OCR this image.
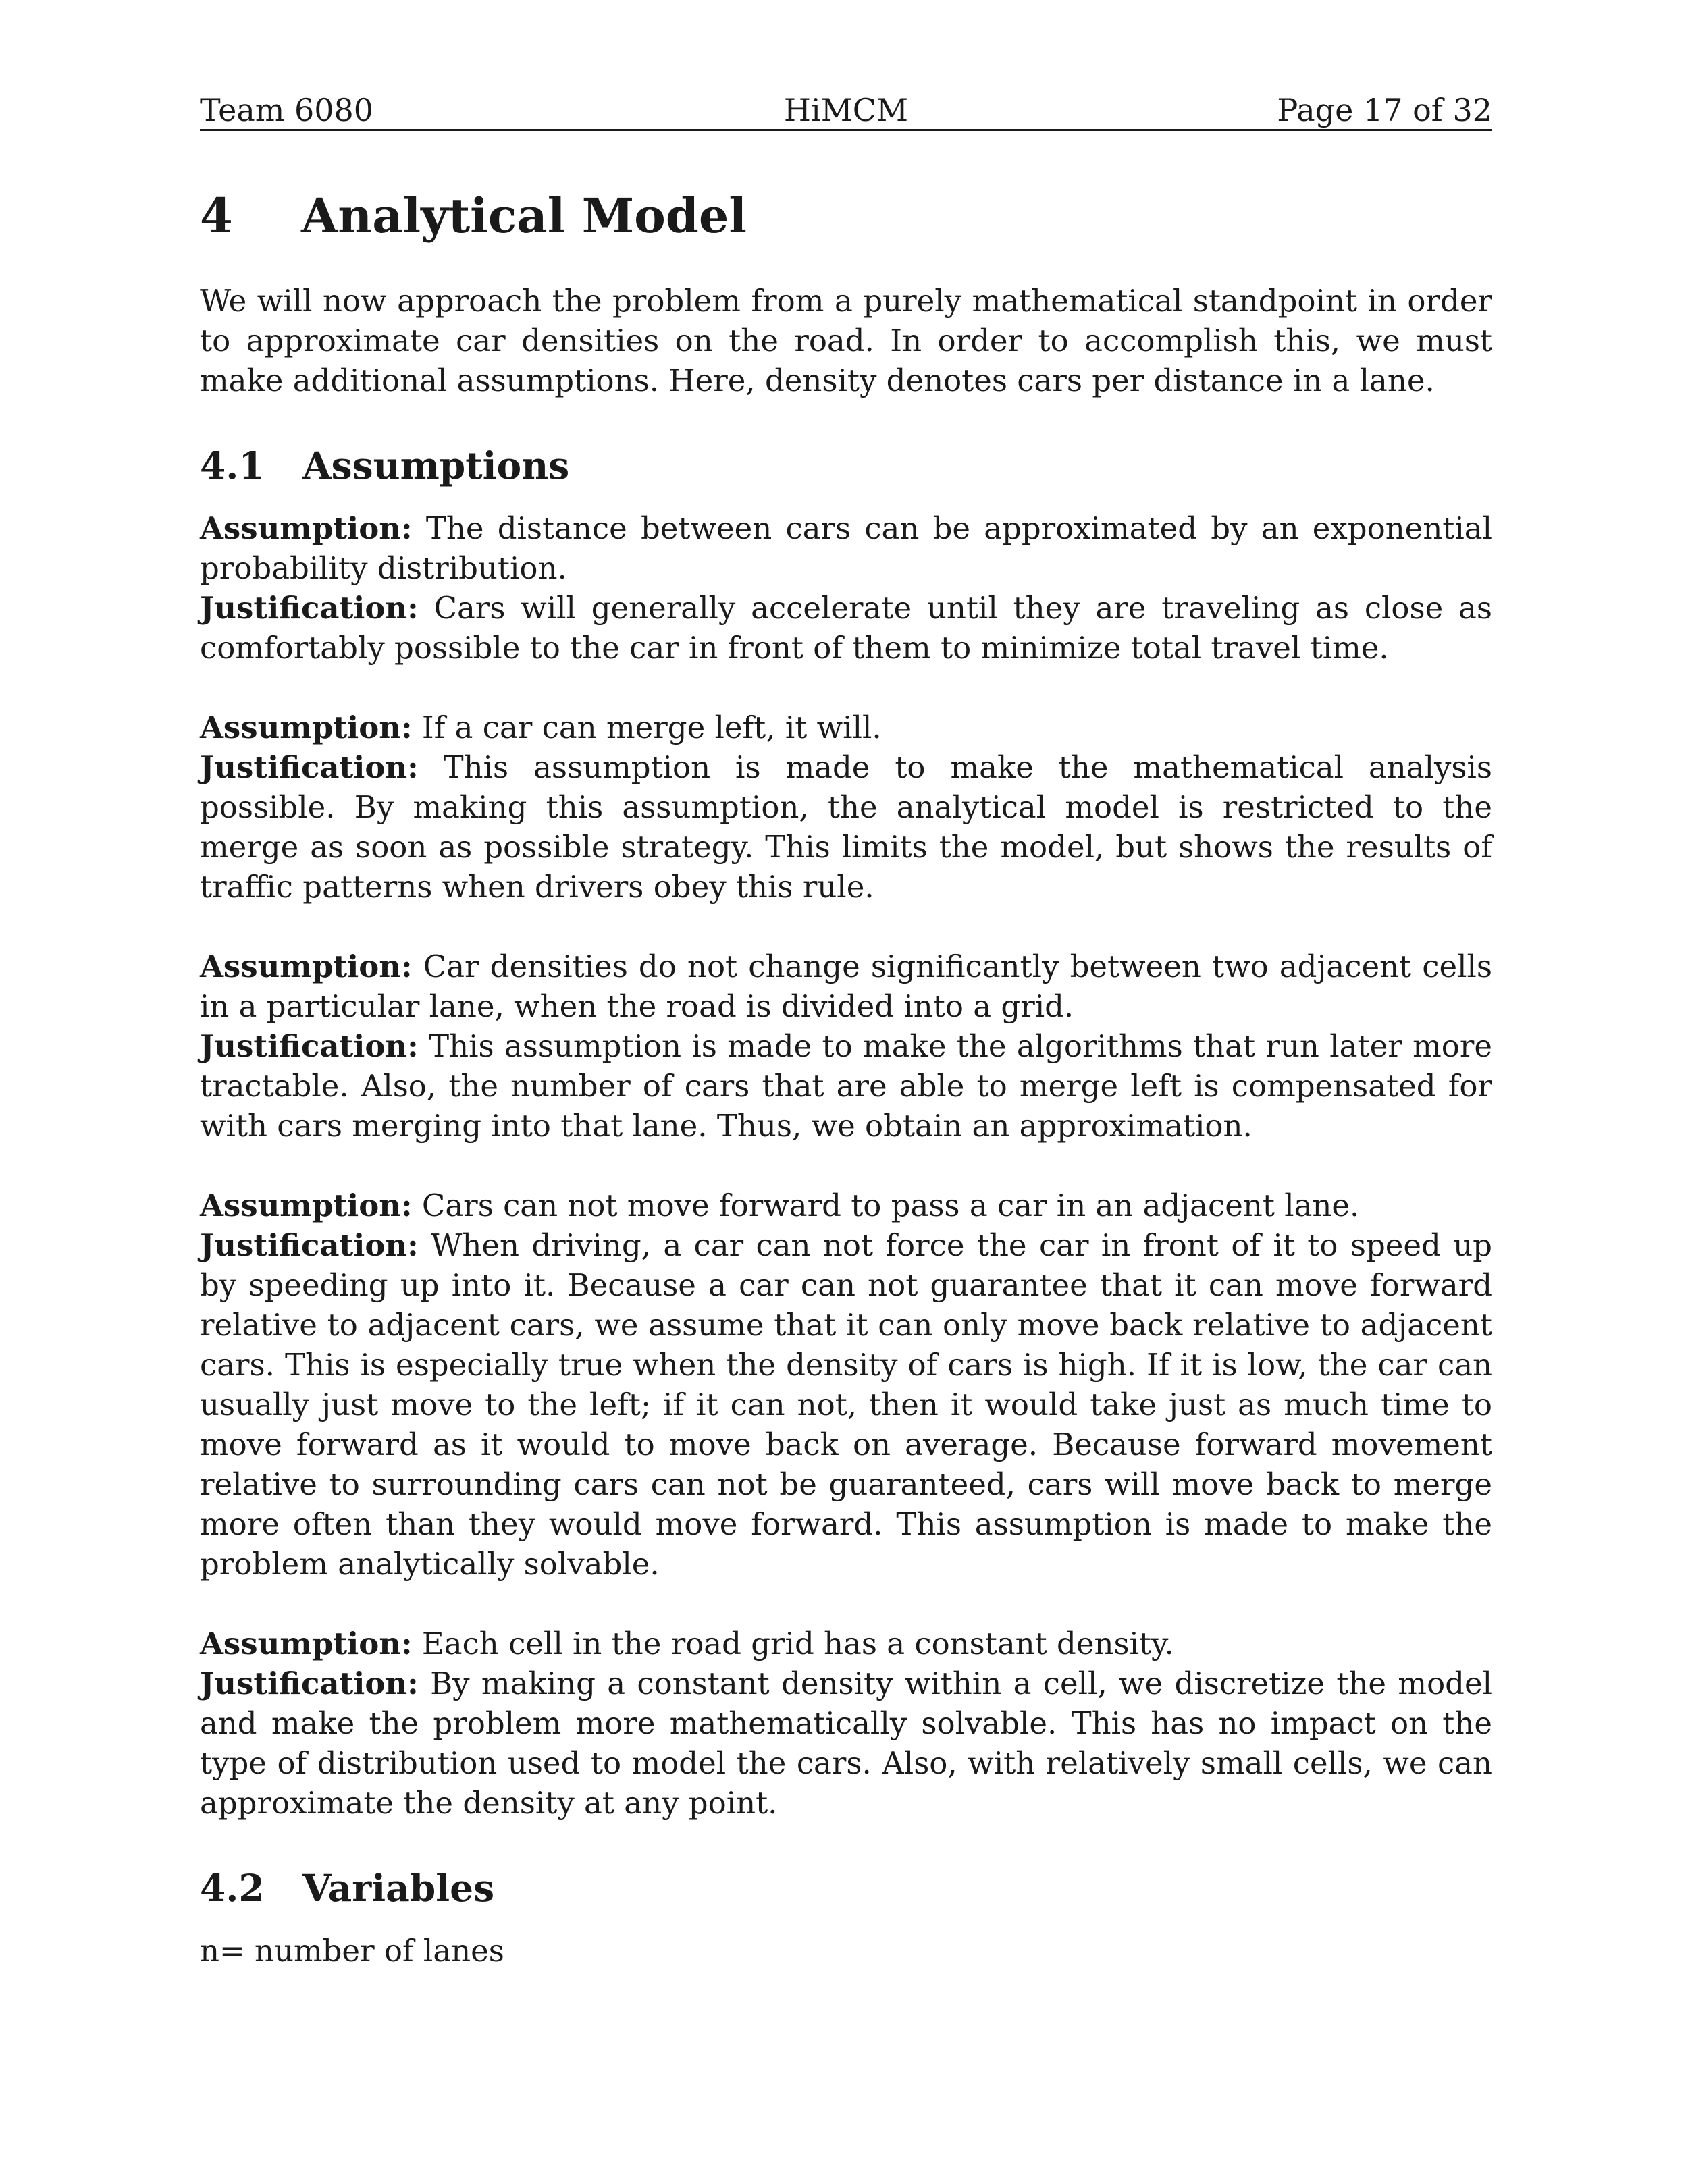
Team 6080	HiMCM	Page 17 of 32
4 Analytical Model

We will now approach the problem from a purely mathematical standpoint in order to approximate car densities on the road. In order to accomplish this, we must make additional assumptions. Here, density denotes cars per distance in a lane.

4.1 Assumptions

Assumption: The distance between cars can be approximated by an exponential probability distribution.

Justification: Cars will generally accelerate until they are traveling as close as comfortably possible to the car in front of them to minimize total travel time.

Assumption: If a car can merge left, it will.

Justification: This assumption is made to make the mathematical analysis possible. By making this assumption, the analytical model is restricted to the merge as soon as possible strategy. This limits the model, but shows the results of traffic patterns when drivers obey this rule.

Assumption: Car densities do not change significantly between two adjacent cells in a particular lane, when the road is divided into a grid.

Justification: This assumption is made to make the algorithms that run later more tractable. Also, the number of cars that are able to merge left is compensated for with cars merging into that lane. Thus, we obtain an approximation.

Assumption: Cars can not move forward to pass a car in an adjacent lane.

Justification: When driving, a car can not force the car in front of it to speed up by speeding up into it. Because a car can not guarantee that it can move forward relative to adjacent cars, we assume that it can only move back relative to adjacent cars. This is especially true when the density of cars is high. If it is low, the car can usually just move to the left; if it can not, then it would take just as much time to move forward as it would to move back on average. Because forward movement relative to surrounding cars can not be guaranteed, cars will move back to merge more often than they would move forward. This assumption is made to make the problem analytically solvable.

Assumption: Each cell in the road grid has a constant density.

Justification: By making a constant density within a cell, we discretize the model and make the problem more mathematically solvable. This has no impact on the type of distribution used to model the cars. Also, with relatively small cells, we can approximate the density at any point.

4.2 Variables

n= number of lanes
